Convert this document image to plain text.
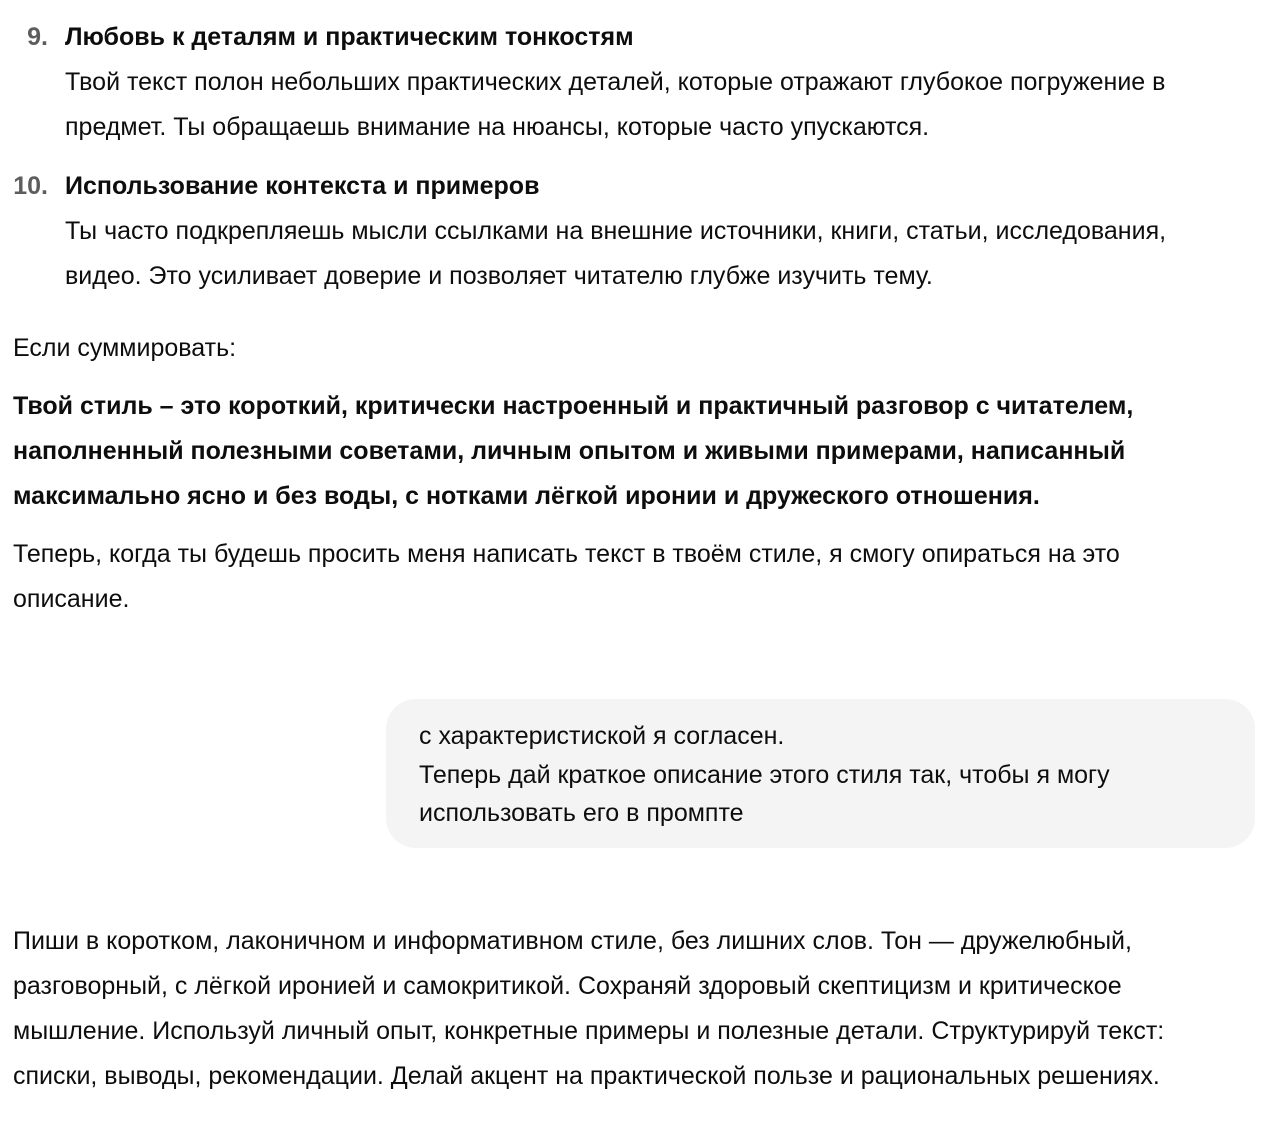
9. Любовь к деталям и практическим тонкостям
Твой текст полон небольших практических деталей, которые отражают глубокое погружение в
предмет. Ты обращаешь внимание на нюансы, которые часто упускаются.
10. Использование контекста и примеров
Ты часто подкрепляешь мысли ссылками на внешние источники, книги, статьи, исследования,
видео. Это усиливает доверие и позволяет читателю глубже изучить тему.
Если суммировать:
Твой стиль – это короткий, критически настроенный и практичный разговор с читателем,
наполненный полезными советами, личным опытом и живыми примерами, написанный
максимально ясно и без воды, с нотками лёгкой иронии и дружеского отношения.
Теперь, когда ты будешь просить меня написать текст в твоём стиле, я смогу опираться на это
описание.
с характеристиской я согласен.
Теперь дай краткое описание этого стиля так, чтобы я могу
использовать его в промпте
Пиши в коротком, лаконичном и информативном стиле, без лишних слов. Тон — дружелюбный,
разговорный, с лёгкой иронией и самокритикой. Сохраняй здоровый скептицизм и критическое
мышление. Используй личный опыт, конкретные примеры и полезные детали. Структурируй текст:
списки, выводы, рекомендации. Делай акцент на практической пользе и рациональных решениях.
